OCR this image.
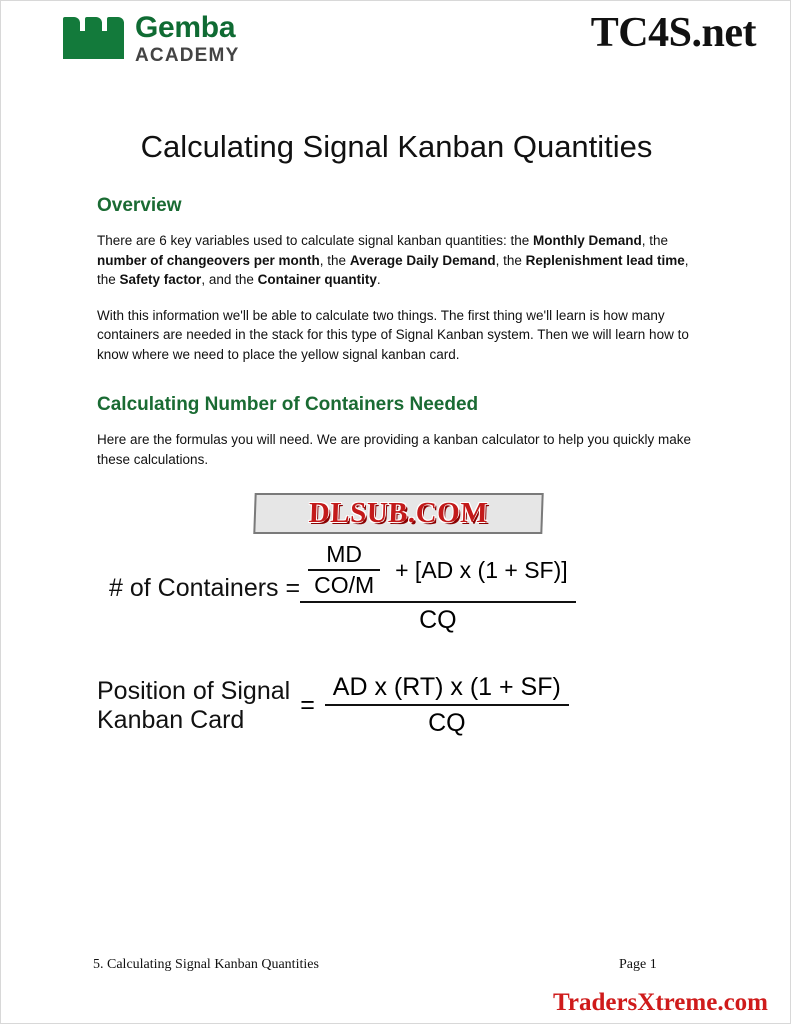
Gemba
ACADEMY	TC4S.net
Calculating Signal Kanban Quantities
Overview

There are 6 key variables used to calculate signal kanban quantities: the Monthly Demand, the number of changeovers per month, the Average Daily Demand, the Replenishment lead time, the Safety factor, and the Container quantity.

With this information we'll be able to calculate two things. The first thing we'll learn is how many containers are needed in the stack for this type of Signal Kanban system. Then we will learn how to know where we need to place the yellow signal kanban card.

Calculating Number of Containers Needed

Here are the formulas you will need. We are providing a kanban calculator to help you quickly make these calculations.

DLSUB.COM
# of Containers = $\frac{MD}{CO/M} + [AD$ x (1 + SF)]
CQ
Position of Signal
Kanban Card
= $\frac{\text{AD x (RT) x (1 + SF)}}{CQ}$
5. Calculating Signal Kanban Quantities	Page 1
TradersXtreme.com
